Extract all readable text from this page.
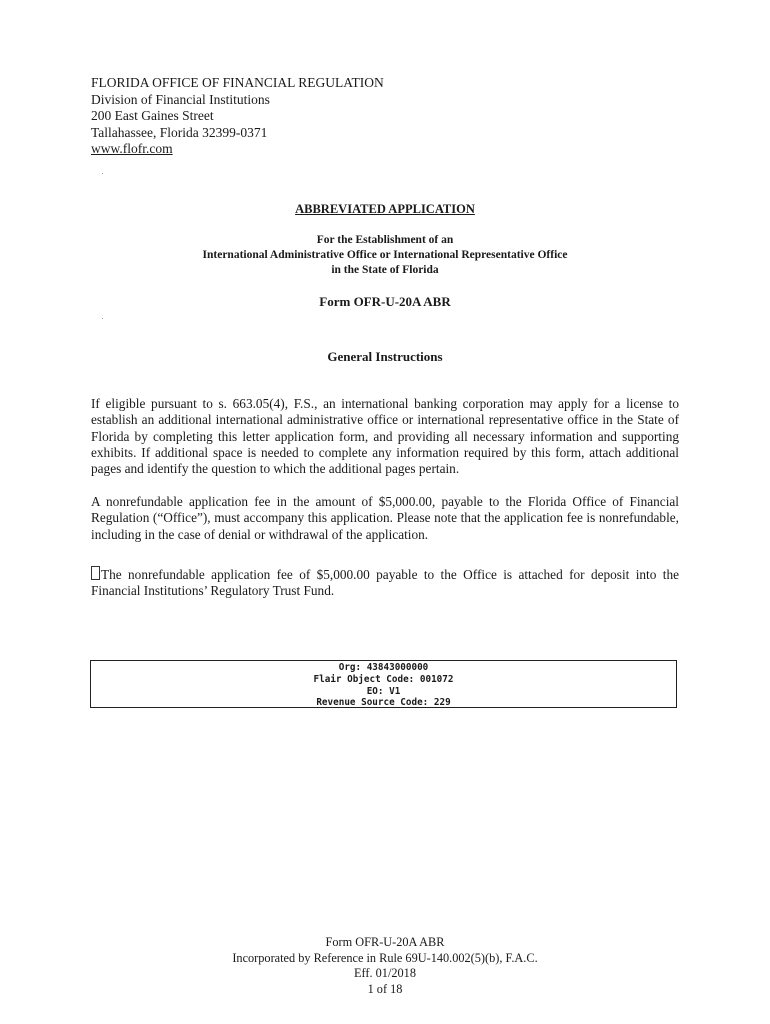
FLORIDA OFFICE OF FINANCIAL REGULATION
Division of Financial Institutions
200 East Gaines Street
Tallahassee, Florida 32399-0371
www.flofr.com
ABBREVIATED APPLICATION
For the Establishment of an
International Administrative Office or International Representative Office
in the State of Florida
Form OFR-U-20A ABR
General Instructions
If eligible pursuant to s. 663.05(4), F.S., an international banking corporation may apply for a license to establish an additional international administrative office or international representative office in the State of Florida by completing this letter application form, and providing all necessary information and supporting exhibits. If additional space is needed to complete any information required by this form, attach additional pages and identify the question to which the additional pages pertain.
A nonrefundable application fee in the amount of $5,000.00, payable to the Florida Office of Financial Regulation (“Office”), must accompany this application. Please note that the application fee is nonrefundable, including in the case of denial or withdrawal of the application.
The nonrefundable application fee of $5,000.00 payable to the Office is attached for deposit into the Financial Institutions’ Regulatory Trust Fund.
Org: 43843000000
Flair Object Code: 001072
EO: V1
Revenue Source Code: 229
Form OFR-U-20A ABR
Incorporated by Reference in Rule 69U-140.002(5)(b), F.A.C.
Eff. 01/2018
1 of 18
